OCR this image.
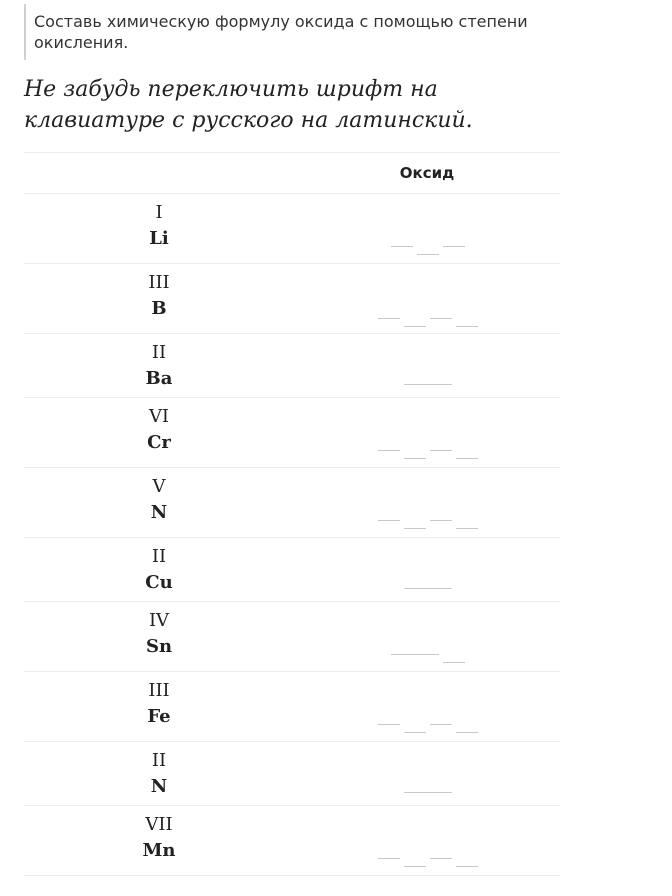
Составь химическую формулу оксида с помощью степени окисления.
Не забудь переключить шрифт на клавиатуре с русского на латинский.
	Оксид

I
Li	

III
B	

II
Ba	

VI
Cr	

V
N	

II
Cu	

IV
Sn	

III
Fe	

II
N	

VII
Mn	
